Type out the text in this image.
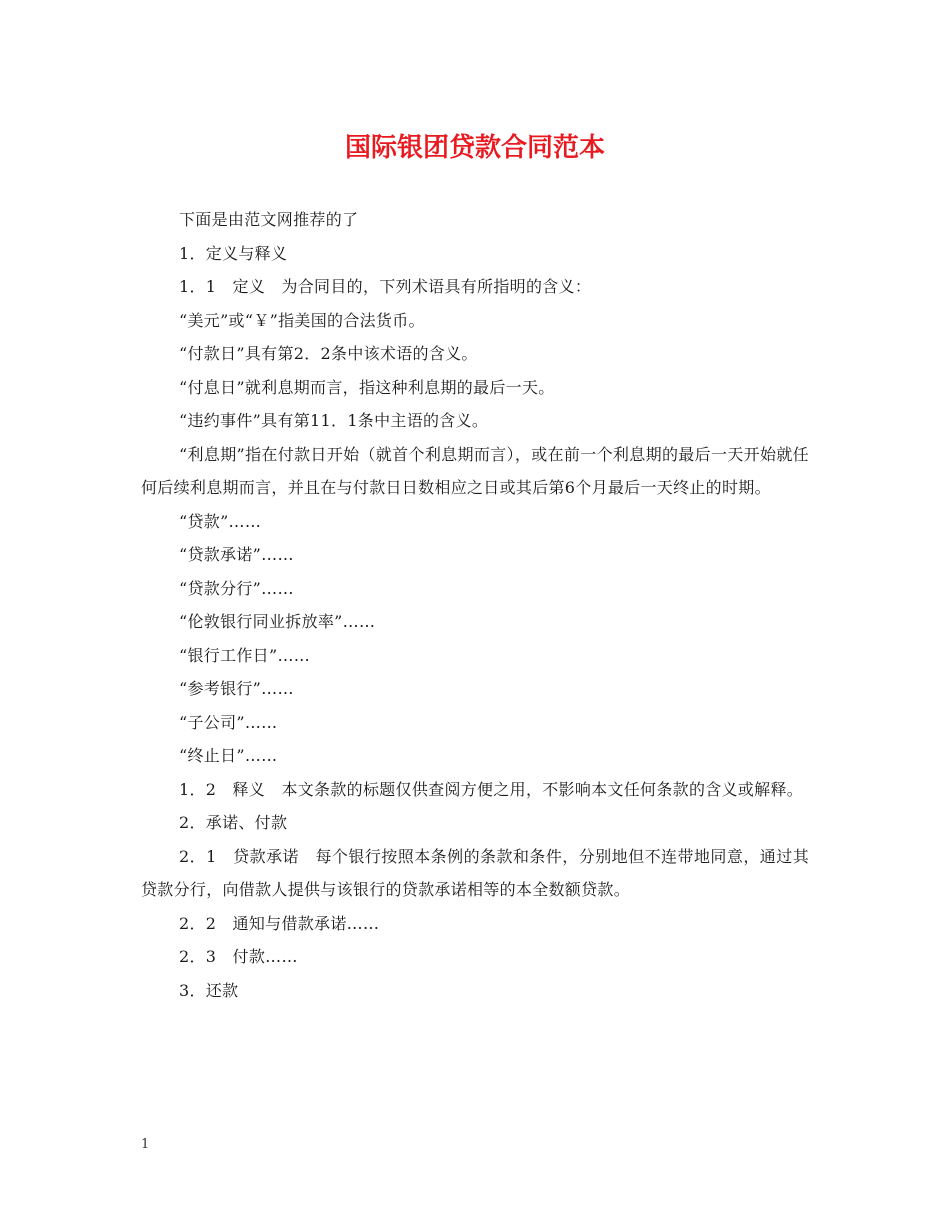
国际银团贷款合同范本

下面是由范文网推荐的了

1．定义与释义

1．1　定义　为合同目的，下列术语具有所指明的含义：

“美元”或“￥”指美国的合法货币。

“付款日”具有第2．2条中该术语的含义。

“付息日”就利息期而言，指这种利息期的最后一天。

“违约事件”具有第11．1条中主语的含义。

“利息期”指在付款日开始（就首个利息期而言），或在前一个利息期的最后一天开始就任何后续利息期而言，并且在与付款日日数相应之日或其后第6个月最后一天终止的时期。

“贷款”……

“贷款承诺”……

“贷款分行”……

“伦敦银行同业拆放率”……

“银行工作日”……

“参考银行”……

“子公司”……

“终止日”……

1．2　释义　本文条款的标题仅供查阅方便之用，不影响本文任何条款的含义或解释。

2．承诺、付款

2．1　贷款承诺　每个银行按照本条例的条款和条件，分别地但不连带地同意，通过其贷款分行，向借款人提供与该银行的贷款承诺相等的本全数额贷款。

2．2　通知与借款承诺……

2．3　付款……

3．还款

1
